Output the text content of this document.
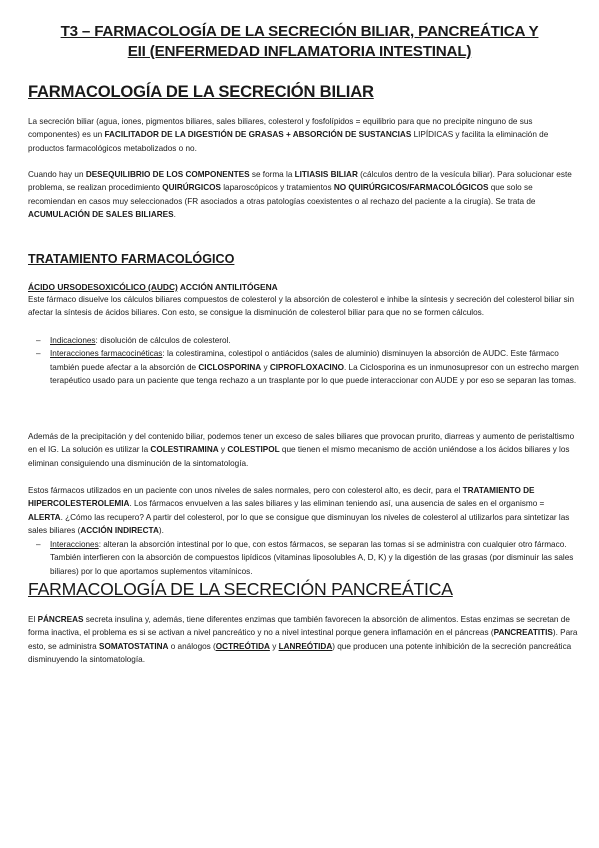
T3 – FARMACOLOGÍA DE LA SECRECIÓN BILIAR, PANCREÁTICA Y
EII (ENFERMEDAD INFLAMATORIA INTESTINAL)
FARMACOLOGÍA DE LA SECRECIÓN BILIAR

La secreción biliar (agua, iones, pigmentos biliares, sales biliares, colesterol y fosfolípidos = equilibrio para que no precipite ninguno de sus componentes) es un FACILITADOR DE LA DIGESTIÓN DE GRASAS + ABSORCIÓN DE SUSTANCIAS LIPÍDICAS y facilita la eliminación de productos farmacológicos metabolizados o no.

Cuando hay un DESEQUILIBRIO DE LOS COMPONENTES se forma la LITIASIS BILIAR (cálculos dentro de la vesícula biliar). Para solucionar este problema, se realizan procedimiento QUIRÚRGICOS laparoscópicos y tratamientos NO QUIRÚRGICOS/FARMACOLÓGICOS que solo se recomiendan en casos muy seleccionados (FR asociados a otras patologías coexistentes o al rechazo del paciente a la cirugía). Se trata de ACUMULACIÓN DE SALES BILIARES.

TRATAMIENTO FARMACOLÓGICO
ÁCIDO URSODESOXICÓLICO (AUDC) ACCIÓN ANTILITÓGENA

Este fármaco disuelve los cálculos biliares compuestos de colesterol y la absorción de colesterol e inhibe la síntesis y secreción del colesterol biliar sin afectar la síntesis de ácidos biliares. Con esto, se consigue la disminución de colesterol biliar para que no se formen cálculos.

– Indicaciones: disolución de cálculos de colesterol.
– Interacciones farmacocinéticas: la colestiramina, colestipol o antiácidos (sales de aluminio) disminuyen la absorción de AUDC. Este fármaco también puede afectar a la absorción de CICLOSPORINA y CIPROFLOXACINO. La Ciclosporina es un inmunosupresor con un estrecho margen terapéutico usado para un paciente que tenga rechazo a un trasplante por lo que puede interaccionar con AUDE y por eso se separan las tomas.

Además de la precipitación y del contenido biliar, podemos tener un exceso de sales biliares que provocan prurito, diarreas y aumento de peristaltismo en el IG. La solución es utilizar la COLESTIRAMINA y COLESTIPOL que tienen el mismo mecanismo de acción uniéndose a los ácidos biliares y los eliminan consiguiendo una disminución de la sintomatología.

Estos fármacos utilizados en un paciente con unos niveles de sales normales, pero con colesterol alto, es decir, para el TRATAMIENTO DE HIPERCOLESTEROLEMIA. Los fármacos envuelven a las sales biliares y las eliminan teniendo así, una ausencia de sales en el organismo = ALERTA. ¿Cómo las recupero? A partir del colesterol, por lo que se consigue que disminuyan los niveles de colesterol al utilizarlos para sintetizar las sales biliares (ACCIÓN INDIRECTA).

– Interacciones: alteran la absorción intestinal por lo que, con estos fármacos, se separan las tomas si se administra con cualquier otro fármaco. También interfieren con la absorción de compuestos lipídicos (vitaminas liposolubles A, D, K) y la digestión de las grasas (por disminuir las sales biliares) por lo que aportamos suplementos vitamínicos.
FARMACOLOGÍA DE LA SECRECIÓN PANCREÁTICA

El PÁNCREAS secreta insulina y, además, tiene diferentes enzimas que también favorecen la absorción de alimentos. Estas enzimas se secretan de forma inactiva, el problema es si se activan a nivel pancreático y no a nivel intestinal porque genera inflamación en el páncreas (PANCREATITIS). Para esto, se administra SOMATOSTATINA o análogos (OCTREÓTIDA y LANREÓTIDA) que producen una potente inhibición de la secreción pancreática disminuyendo la sintomatología.
